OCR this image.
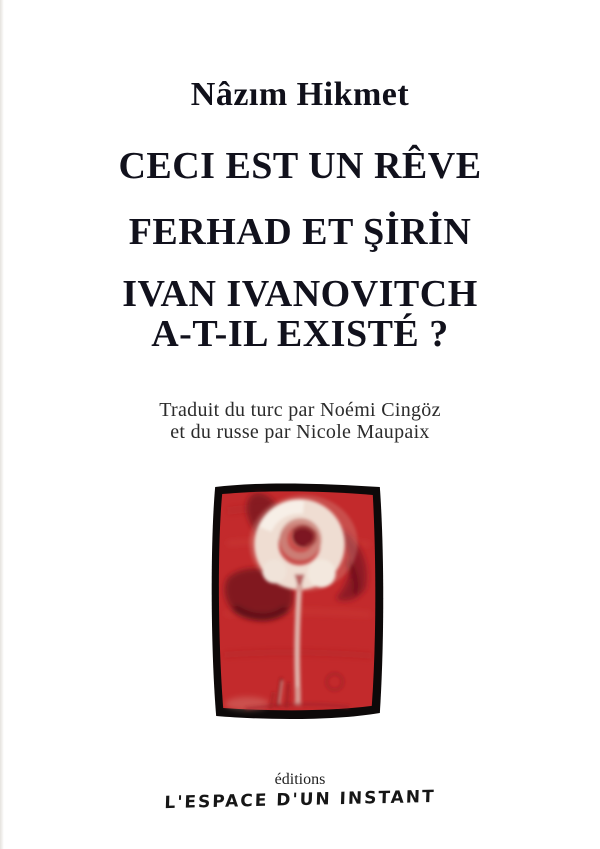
Nâzım Hikmet
CECI EST UN RÊVE
FERHAD ET ŞİRİN
IVAN IVANOVITCH
A-T-IL EXISTÉ ?
Traduit du turc par Noémi Cingöz
et du russe par Nicole Maupaix
éditions
L'ESPACE D'UN INSTANT
